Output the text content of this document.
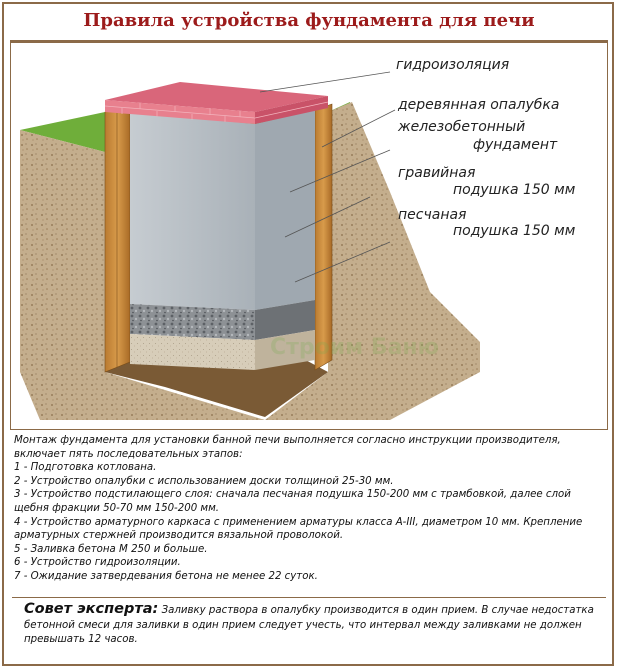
Правила устройства фундамента для печи
гидроизоляция
деревянная опалубка
железобетонный
фундамент
гравийная
подушка 150 мм
песчаная
подушка 150 мм
Строим Баню

Монтаж фундамента для установки банной печи выполняется согласно инструкции производителя, включает пять последовательных этапов:

1 - Подготовка котлована.

2 - Устройство опалубки с использованием доски толщиной 25-30 мм.

3 - Устройство подстилающего слоя: сначала песчаная подушка 150-200 мм с трамбовкой, далее слой щебня фракции 50-70 мм 150-200 мм.

4 - Устройство арматурного каркаса с применением арматуры класса А-III, диаметром 10 мм. Крепление арматурных стержней производится вязальной проволокой.

5 - Заливка бетона М 250 и больше.

6 - Устройство гидроизоляции.

7 - Ожидание затвердевания бетона не менее 22 суток.

Совет эксперта: Заливку раствора в опалубку производится в один прием. В случае недостатка бетонной смеси для заливки в один прием следует учесть, что интервал между заливками не должен превышать 12 часов.
